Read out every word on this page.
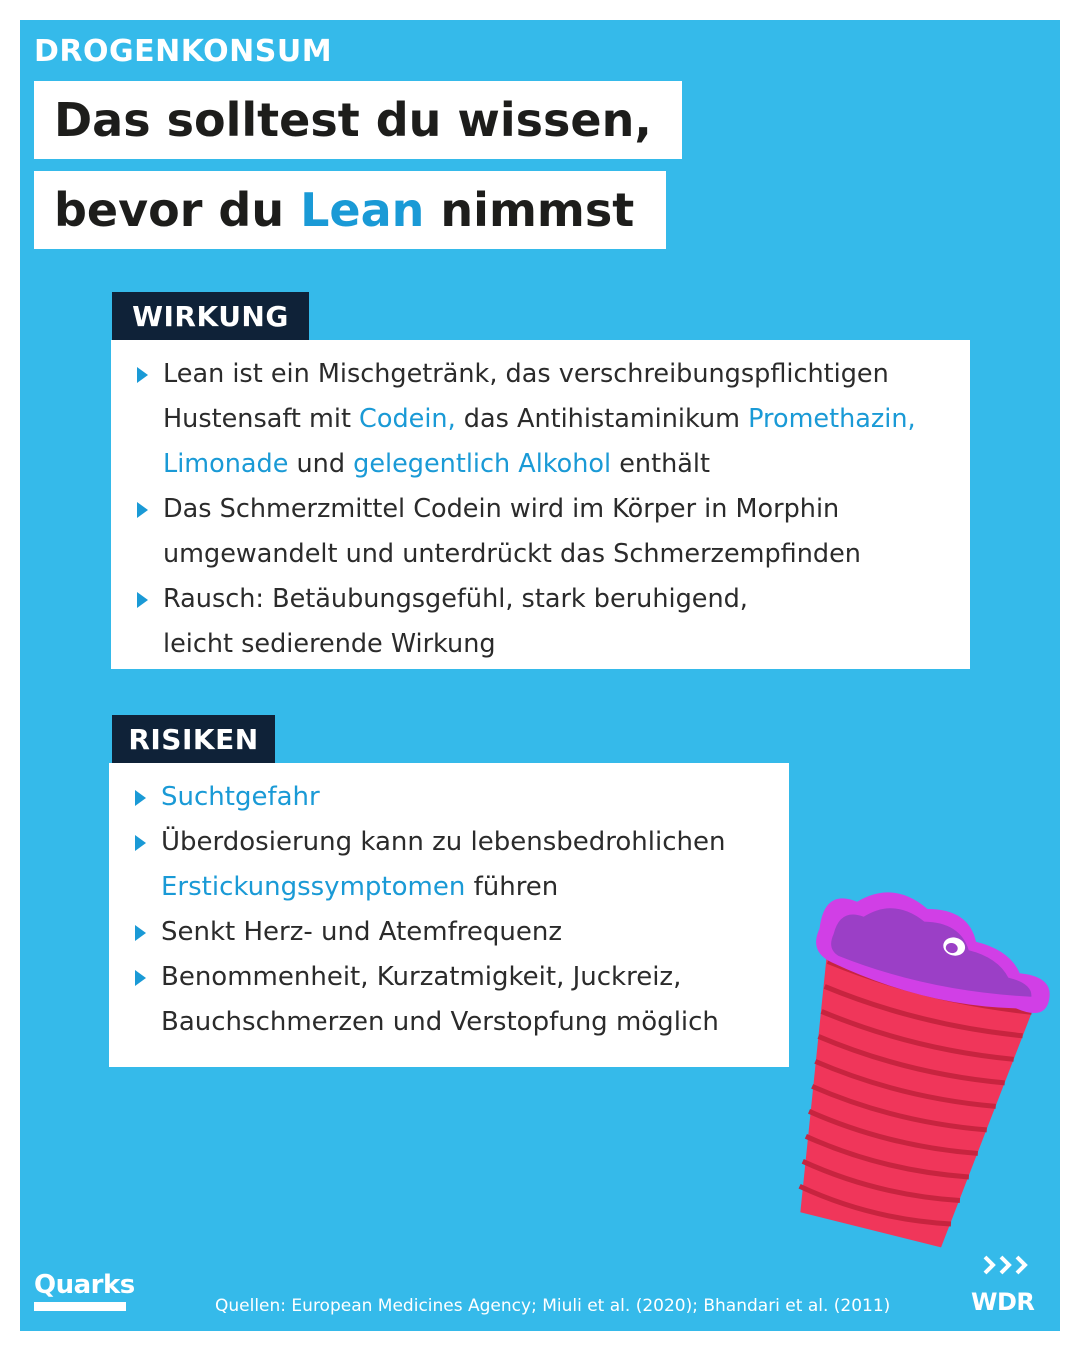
DROGENKONSUM
Das solltest du wissen,
bevor du Lean nimmst
WIRKUNG
Lean ist ein Mischgetränk, das verschreibungspflichtigen
Hustensaft mit Codein, das Antihistaminikum Promethazin,
Limonade und gelegentlich Alkohol enthält
Das Schmerzmittel Codein wird im Körper in Morphin
umgewandelt und unterdrückt das Schmerzempfinden
Rausch: Betäubungsgefühl, stark beruhigend,
leicht sedierende Wirkung
RISIKEN
Suchtgefahr
Überdosierung kann zu lebensbedrohlichen
Erstickungssymptomen führen
Senkt Herz- und Atemfrequenz
Benommenheit, Kurzatmigkeit, Juckreiz,
Bauchschmerzen und Verstopfung möglich
Quarks
Quellen: European Medicines Agency; Miuli et al. (2020); Bhandari et al. (2011)	WDR
